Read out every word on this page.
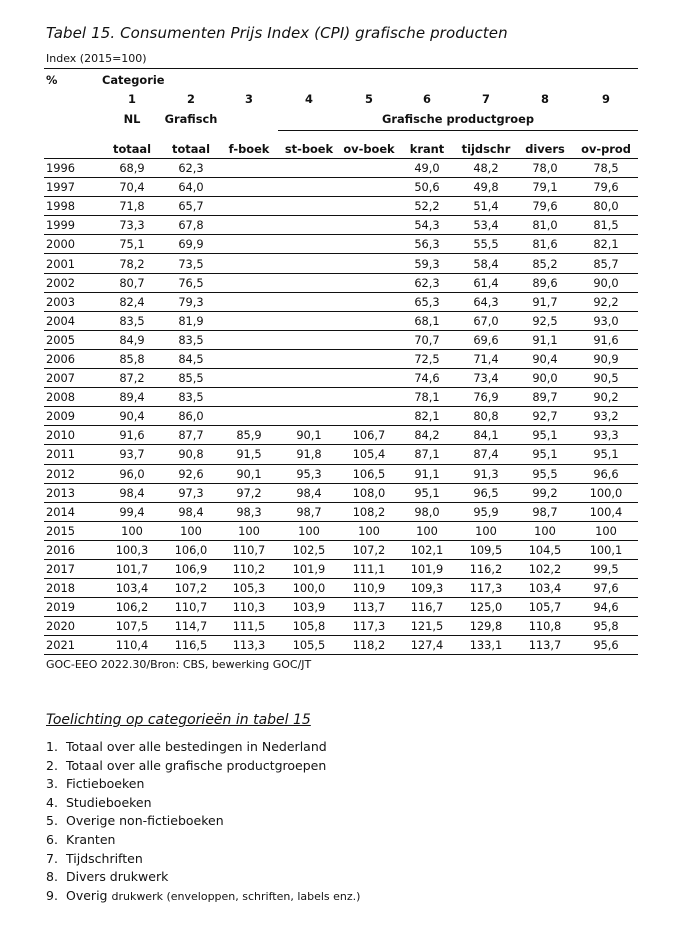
Tabel 15. Consumenten Prijs Index (CPI) grafische producten
Index (2015=100)
%	Categorie								
	1	2	3	4	5	6	7	8	9
	NL	Grafisch		Grafische productgroep					
	totaal	totaal	f-boek	st-boek	ov-boek	krant	tijdschr	divers	ov-prod
1996	68,9	62,3				49,0	48,2	78,0	78,5
1997	70,4	64,0				50,6	49,8	79,1	79,6
1998	71,8	65,7				52,2	51,4	79,6	80,0
1999	73,3	67,8				54,3	53,4	81,0	81,5
2000	75,1	69,9				56,3	55,5	81,6	82,1
2001	78,2	73,5				59,3	58,4	85,2	85,7
2002	80,7	76,5				62,3	61,4	89,6	90,0
2003	82,4	79,3				65,3	64,3	91,7	92,2
2004	83,5	81,9				68,1	67,0	92,5	93,0
2005	84,9	83,5				70,7	69,6	91,1	91,6
2006	85,8	84,5				72,5	71,4	90,4	90,9
2007	87,2	85,5				74,6	73,4	90,0	90,5
2008	89,4	83,5				78,1	76,9	89,7	90,2
2009	90,4	86,0				82,1	80,8	92,7	93,2
2010	91,6	87,7	85,9	90,1	106,7	84,2	84,1	95,1	93,3
2011	93,7	90,8	91,5	91,8	105,4	87,1	87,4	95,1	95,1
2012	96,0	92,6	90,1	95,3	106,5	91,1	91,3	95,5	96,6
2013	98,4	97,3	97,2	98,4	108,0	95,1	96,5	99,2	100,0
2014	99,4	98,4	98,3	98,7	108,2	98,0	95,9	98,7	100,4
2015	100	100	100	100	100	100	100	100	100
2016	100,3	106,0	110,7	102,5	107,2	102,1	109,5	104,5	100,1
2017	101,7	106,9	110,2	101,9	111,1	101,9	116,2	102,2	99,5
2018	103,4	107,2	105,3	100,0	110,9	109,3	117,3	103,4	97,6
2019	106,2	110,7	110,3	103,9	113,7	116,7	125,0	105,7	94,6
2020	107,5	114,7	111,5	105,8	117,3	121,5	129,8	110,8	95,8
2021	110,4	116,5	113,3	105,5	118,2	127,4	133,1	113,7	95,6
GOC-EEO 2022.30/Bron: CBS, bewerking GOC/JT
Toelichting op categorieën in tabel 15
1. Totaal over alle bestedingen in Nederland
2. Totaal over alle grafische productgroepen
3. Fictieboeken
4. Studieboeken
5. Overige non-fictieboeken
6. Kranten
7. Tijdschriften
8. Divers drukwerk
9. Overig drukwerk (enveloppen, schriften, labels enz.)
